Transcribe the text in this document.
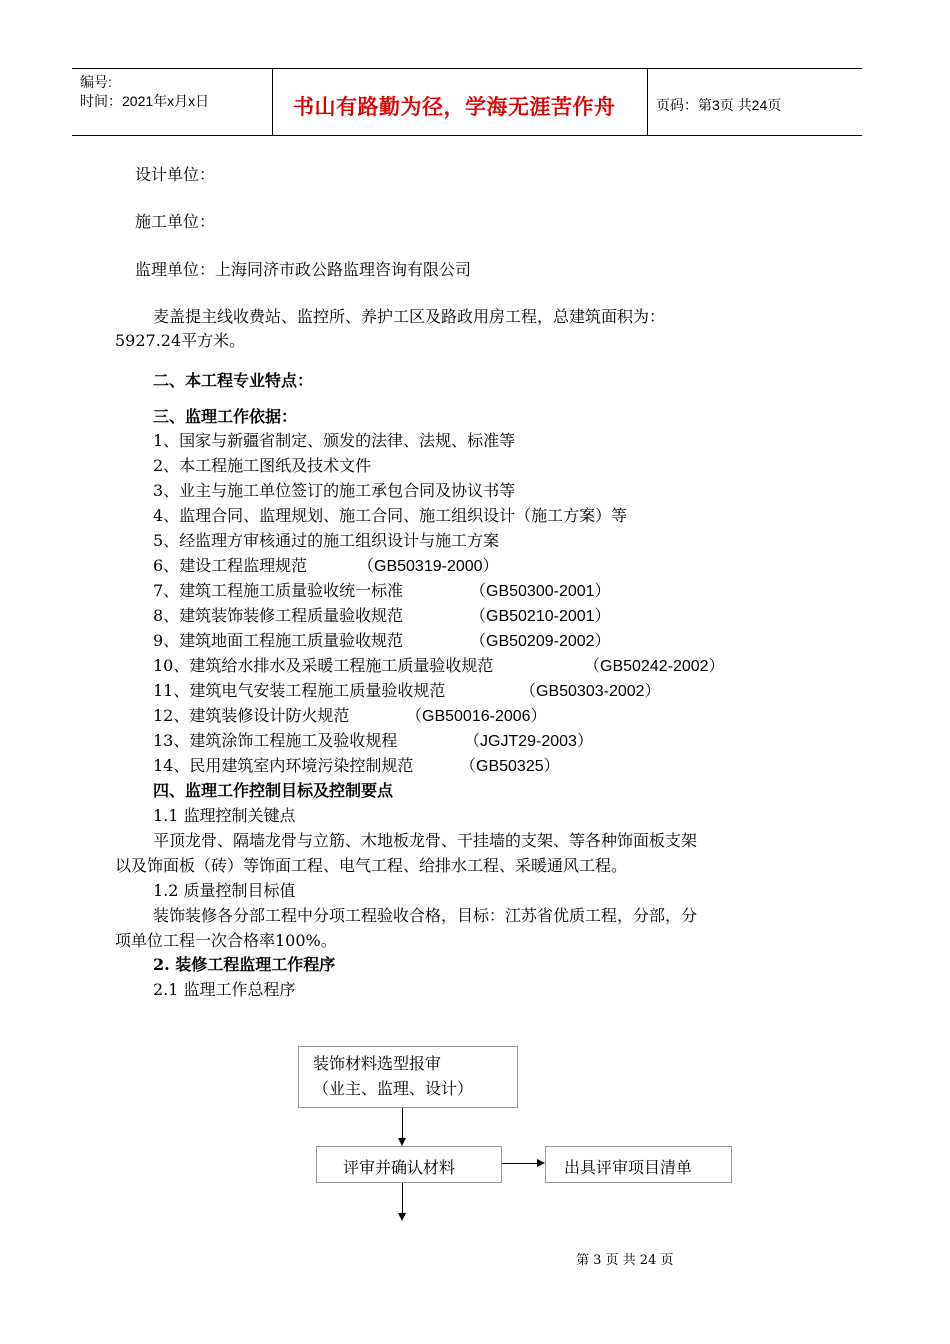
编号:
时间：2021年x月x日	书山有路勤为径，学海无涯苦作舟	页码：第3页 共24页
设计单位：
施工单位：
监理单位：上海同济市政公路监理咨询有限公司
麦盖提主线收费站、监控所、养护工区及路政用房工程，总建筑面积为：
5927.24平方米。
二、本工程专业特点：
三、监理工作依据：
1、国家与新疆省制定、颁发的法律、法规、标准等
2、本工程施工图纸及技术文件
3、业主与施工单位签订的施工承包合同及协议书等
4、监理合同、监理规划、施工合同、施工组织设计（施工方案）等
5、经监理方审核通过的施工组织设计与施工方案
6、建设工程监理规范	（GB50319-2000）
7、建筑工程施工质量验收统一标准	（GB50300-2001）
8、建筑装饰装修工程质量验收规范	（GB50210-2001）
9、建筑地面工程施工质量验收规范	（GB50209-2002）
10、建筑给水排水及采暖工程施工质量验收规范	（GB50242-2002）
11、建筑电气安装工程施工质量验收规范	（GB50303-2002）
12、建筑装修设计防火规范	（GB50016-2006）
13、建筑涂饰工程施工及验收规程	（JGJT29-2003）
14、民用建筑室内环境污染控制规范	（GB50325）
四、监理工作控制目标及控制要点
1.1 监理控制关键点
平顶龙骨、隔墙龙骨与立筋、木地板龙骨、干挂墙的支架、等各种饰面板支架
以及饰面板（砖）等饰面工程、电气工程、给排水工程、采暖通风工程。
1.2 质量控制目标值
装饰装修各分部工程中分项工程验收合格，目标：江苏省优质工程，分部，分
项单位工程一次合格率100%。
2. 装修工程监理工作程序
2.1 监理工作总程序
装饰材料选型报审
（业主、监理、设计）
评审并确认材料	出具评审项目清单
第 3 页 共 24 页
